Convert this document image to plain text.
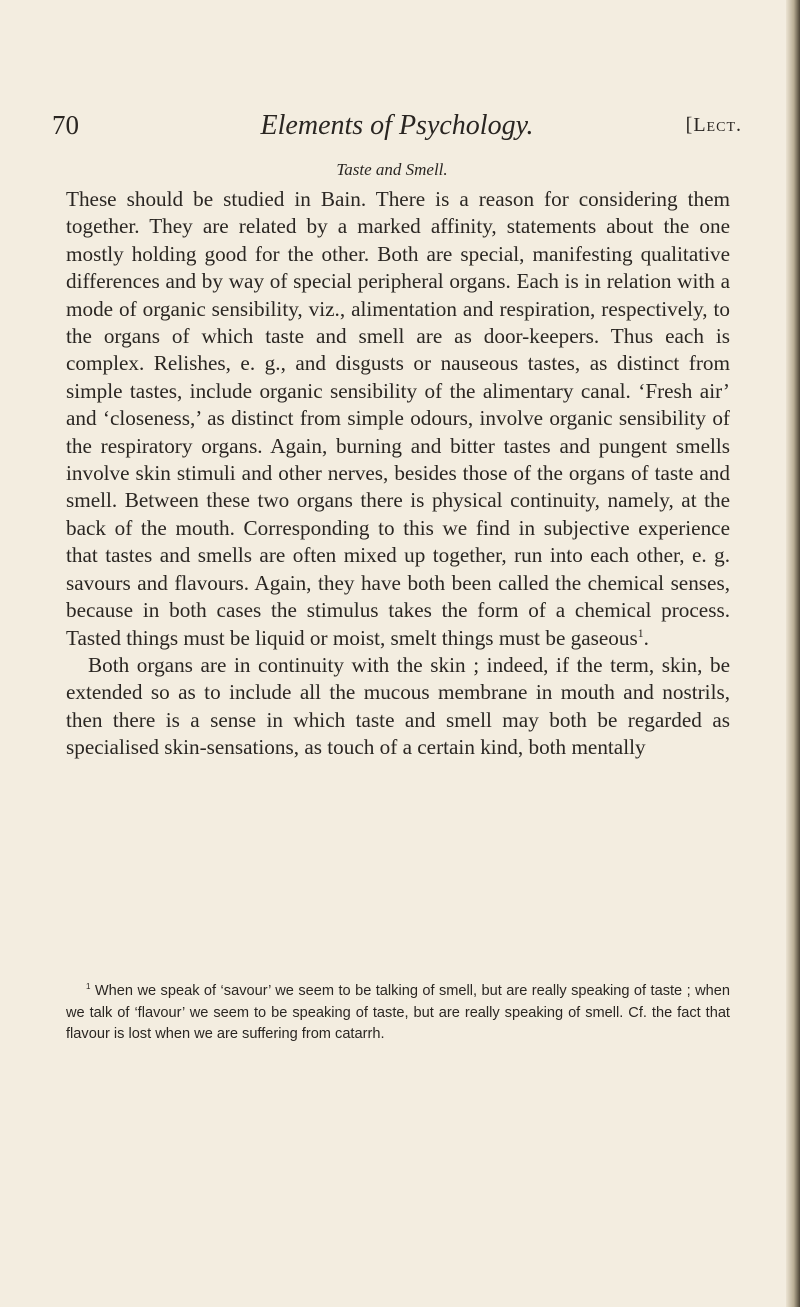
70	Elements of Psychology.	[Lect.
Taste and Smell.

These should be studied in Bain. There is a reason for considering them together. They are related by a marked affinity, statements about the one mostly holding good for the other. Both are special, manifesting qualitative differences and by way of special peripheral organs. Each is in relation with a mode of organic sensibility, viz., alimentation and respiration, respectively, to the organs of which taste and smell are as door-keepers. Thus each is complex. Relishes, e. g., and disgusts or nauseous tastes, as distinct from simple tastes, include organic sensibility of the alimentary canal. ‘Fresh air’ and ‘closeness,’ as distinct from simple odours, involve organic sensibility of the respiratory organs. Again, burning and bitter tastes and pungent smells involve skin stimuli and other nerves, besides those of the organs of taste and smell. Between these two organs there is physical continuity, namely, at the back of the mouth. Corresponding to this we find in subjective experience that tastes and smells are often mixed up together, run into each other, e. g. savours and flavours. Again, they have both been called the chemical senses, because in both cases the stimulus takes the form of a chemical process. Tasted things must be liquid or moist, smelt things must be gaseous$^1$.

Both organs are in continuity with the skin ; indeed, if the term, skin, be extended so as to include all the mucous membrane in mouth and nostrils, then there is a sense in which taste and smell may both be regarded as specialised skin-sensations, as touch of a certain kind, both mentally

$^1$ When we speak of ‘savour’ we seem to be talking of smell, but are really speaking of taste ; when we talk of ‘flavour’ we seem to be speaking of taste, but are really speaking of smell. Cf. the fact that flavour is lost when we are suffering from catarrh.
